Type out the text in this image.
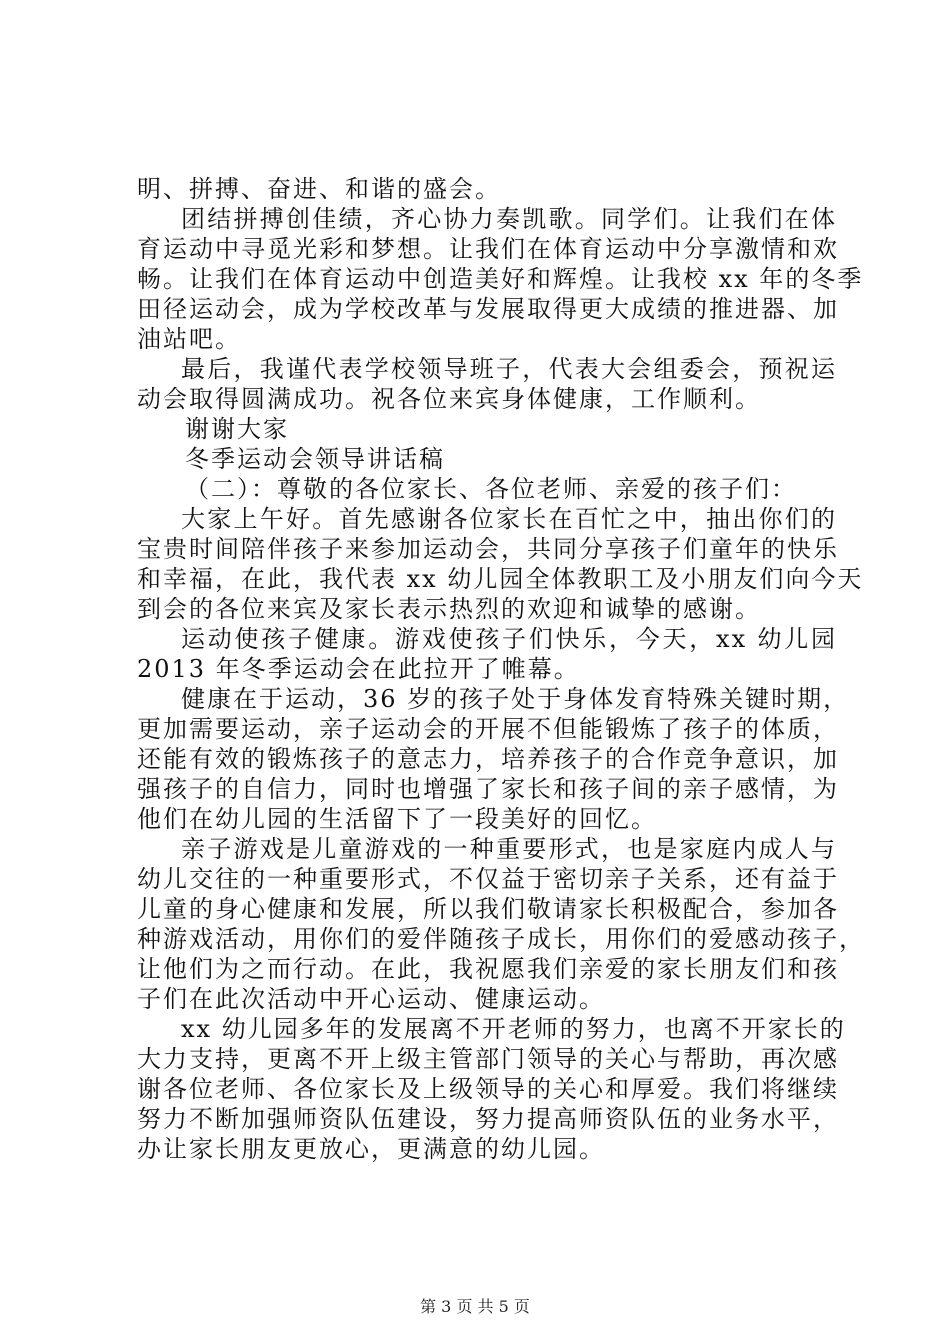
明、拼搏、奋进、和谐的盛会。
团结拼搏创佳绩，齐心协力奏凯歌。同学们。让我们在体
育运动中寻觅光彩和梦想。让我们在体育运动中分享激情和欢
畅。让我们在体育运动中创造美好和辉煌。让我校 xx 年的冬季
田径运动会，成为学校改革与发展取得更大成绩的推进器、加
油站吧。
最后，我谨代表学校领导班子，代表大会组委会，预祝运
动会取得圆满成功。祝各位来宾身体健康，工作顺利。
谢谢大家
冬季运动会领导讲话稿
（二）：尊敬的各位家长、各位老师、亲爱的孩子们：
大家上午好。首先感谢各位家长在百忙之中，抽出你们的
宝贵时间陪伴孩子来参加运动会，共同分享孩子们童年的快乐
和幸福，在此，我代表 xx 幼儿园全体教职工及小朋友们向今天
到会的各位来宾及家长表示热烈的欢迎和诚挚的感谢。
运动使孩子健康。游戏使孩子们快乐，今天，xx 幼儿园
2013 年冬季运动会在此拉开了帷幕。
健康在于运动，36 岁的孩子处于身体发育特殊关键时期，
更加需要运动，亲子运动会的开展不但能锻炼了孩子的体质，
还能有效的锻炼孩子的意志力，培养孩子的合作竞争意识，加
强孩子的自信力，同时也增强了家长和孩子间的亲子感情，为
他们在幼儿园的生活留下了一段美好的回忆。
亲子游戏是儿童游戏的一种重要形式，也是家庭内成人与
幼儿交往的一种重要形式，不仅益于密切亲子关系，还有益于
儿童的身心健康和发展，所以我们敬请家长积极配合，参加各
种游戏活动，用你们的爱伴随孩子成长，用你们的爱感动孩子，
让他们为之而行动。在此，我祝愿我们亲爱的家长朋友们和孩
子们在此次活动中开心运动、健康运动。
xx 幼儿园多年的发展离不开老师的努力，也离不开家长的
大力支持，更离不开上级主管部门领导的关心与帮助，再次感
谢各位老师、各位家长及上级领导的关心和厚爱。我们将继续
努力不断加强师资队伍建设，努力提高师资队伍的业务水平，
办让家长朋友更放心，更满意的幼儿园。
第 3 页 共 5 页
